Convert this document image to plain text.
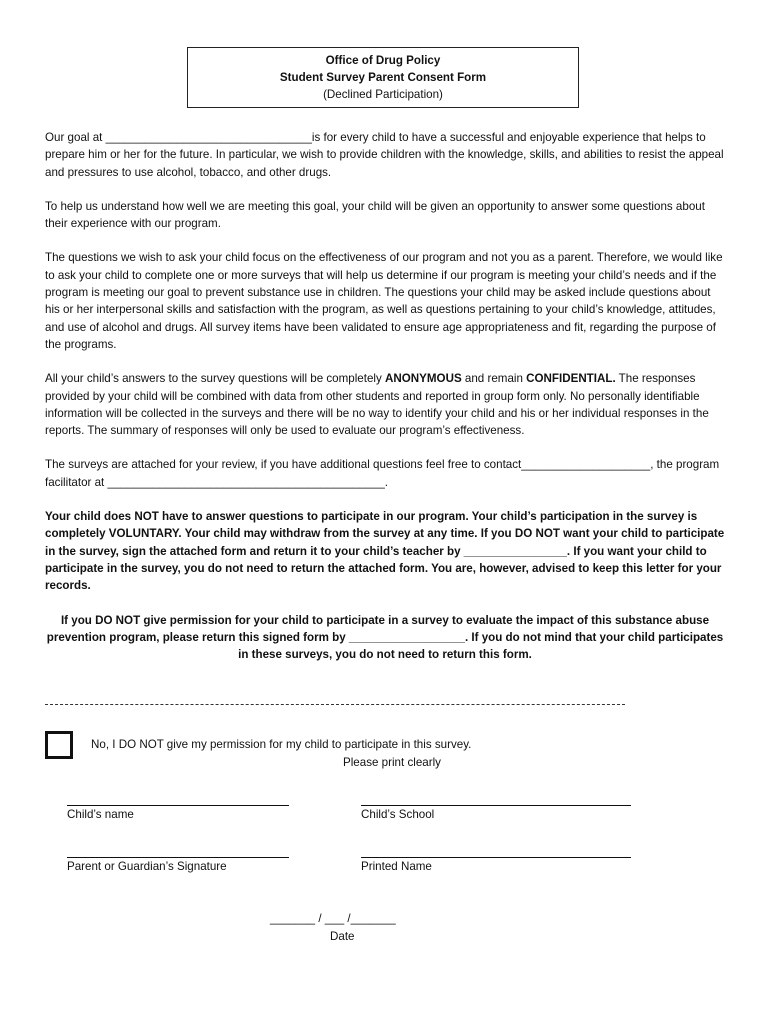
Office of Drug Policy
Student Survey Parent Consent Form
(Declined Participation)

Our goal at ________________________________is for every child to have a successful and enjoyable experience that helps to prepare him or her for the future. In particular, we wish to provide children with the knowledge, skills, and abilities to resist the appeal and pressures to use alcohol, tobacco, and other drugs.

To help us understand how well we are meeting this goal, your child will be given an opportunity to answer some questions about their experience with our program.

The questions we wish to ask your child focus on the effectiveness of our program and not you as a parent. Therefore, we would like to ask your child to complete one or more surveys that will help us determine if our program is meeting your child’s needs and if the program is meeting our goal to prevent substance use in children. The questions your child may be asked include questions about his or her interpersonal skills and satisfaction with the program, as well as questions pertaining to your child’s knowledge, attitudes, and use of alcohol and drugs. All survey items have been validated to ensure age appropriateness and fit, regarding the purpose of the programs.

All your child’s answers to the survey questions will be completely ANONYMOUS and remain CONFIDENTIAL. The responses provided by your child will be combined with data from other students and reported in group form only. No personally identifiable information will be collected in the surveys and there will be no way to identify your child and his or her individual responses in the reports. The summary of responses will only be used to evaluate our program’s effectiveness.

The surveys are attached for your review, if you have additional questions feel free to contact____________________, the program facilitator at ___________________________________________.

Your child does NOT have to answer questions to participate in our program. Your child’s participation in the survey is completely VOLUNTARY. Your child may withdraw from the survey at any time. If you DO NOT want your child to participate in the survey, sign the attached form and return it to your child’s teacher by ________________. If you want your child to participate in the survey, you do not need to return the attached form. You are, however, advised to keep this letter for your records.

If you DO NOT give permission for your child to participate in a survey to evaluate the impact of this substance abuse prevention program, please return this signed form by __________________. If you do not mind that your child participates in these surveys, you do not need to return this form.

No, I DO NOT give my permission for my child to participate in this survey.
Please print clearly
Child’s name	Child’s School
Parent or Guardian’s Signature	Printed Name
_______ / ___ /_______
Date
